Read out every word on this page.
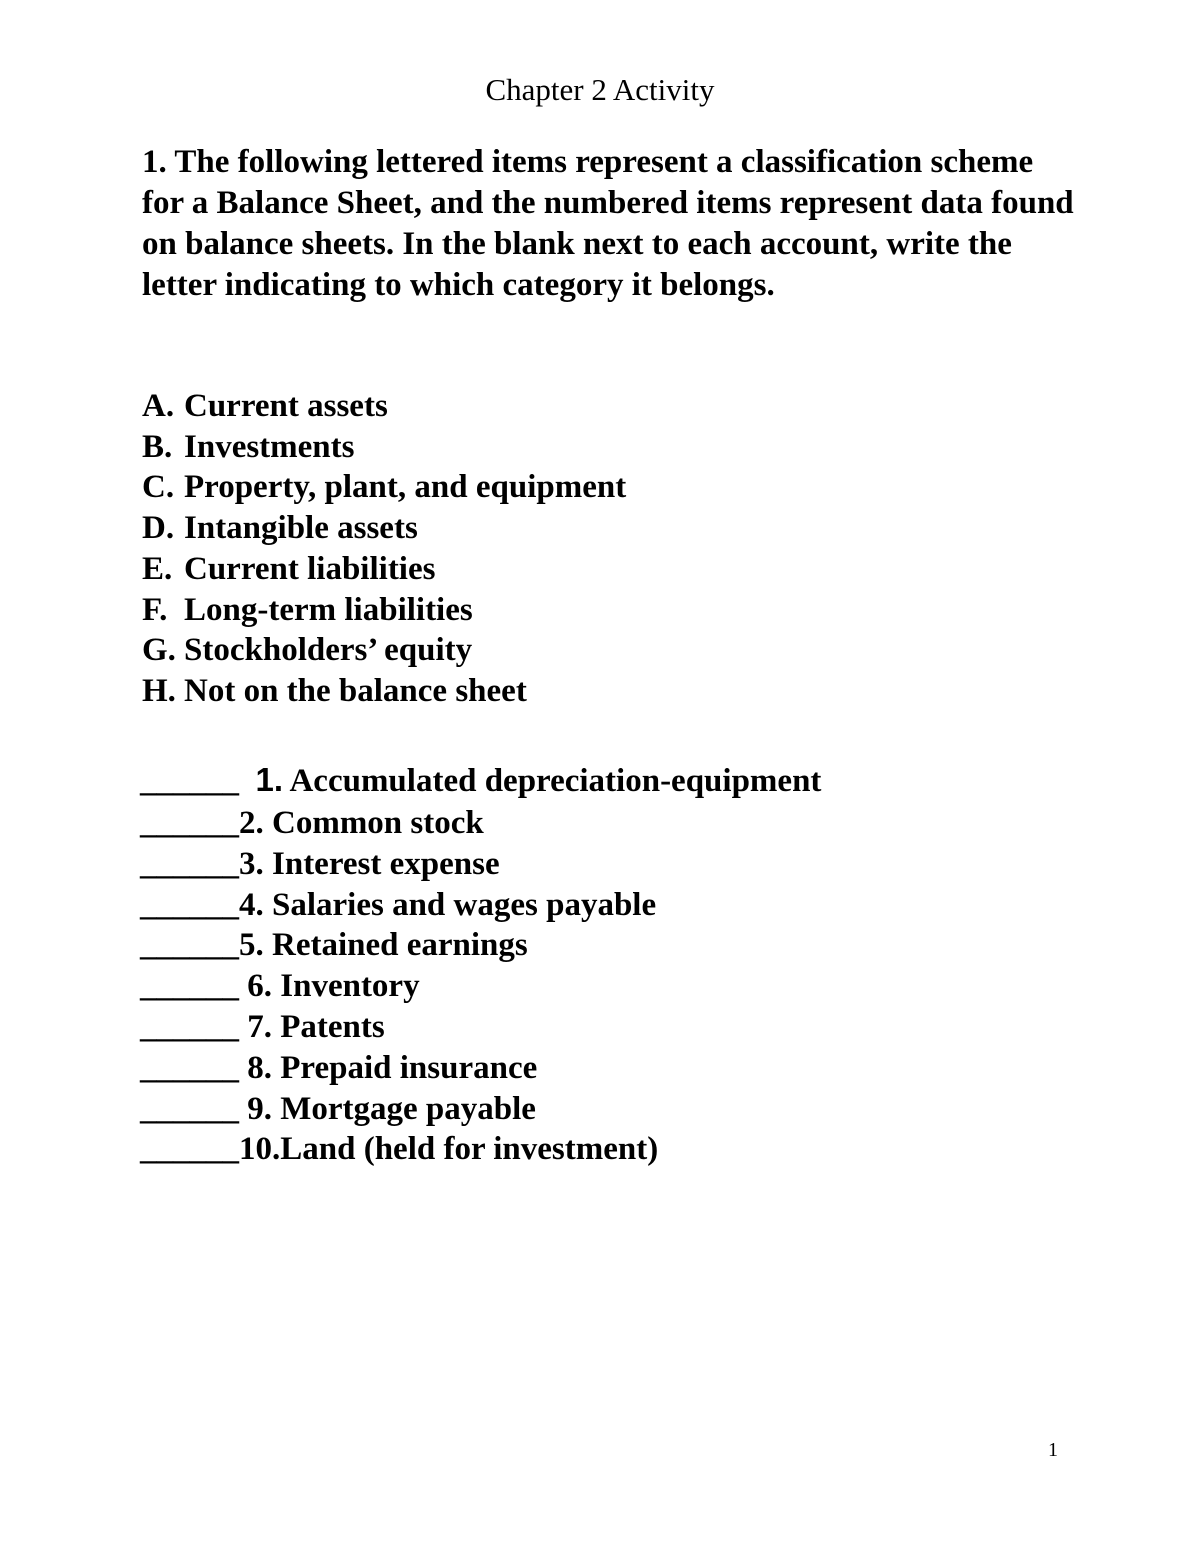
Chapter 2 Activity

1. The following lettered items represent a classification scheme for a Balance Sheet, and the numbered items represent data found on balance sheets. In the blank next to each account, write the letter indicating to which category it belongs.

A. Current assets
B. Investments
C. Property, plant, and equipment
D. Intangible assets
E. Current liabilities
F. Long-term liabilities
G. Stockholders’ equity
H. Not on the balance sheet
______  1. Accumulated depreciation-equipment
______2. Common stock
______3. Interest expense
______4. Salaries and wages payable
______5. Retained earnings
______ 6. Inventory
______ 7. Patents
______ 8. Prepaid insurance
______ 9. Mortgage payable
______10.Land (held for investment)
1
